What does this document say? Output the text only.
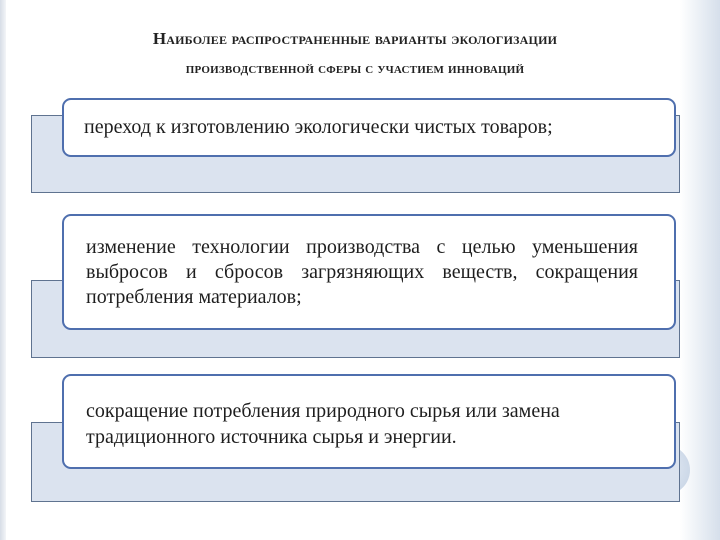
Наиболее распространенные варианты экологизации
производственной сферы с участием инноваций
переход к изготовлению экологически чистых товаров;
изменение технологии производства с целью уменьшения выбросов и сбросов загрязняющих веществ, сокращения потребления материалов;
сокращение потребления природного сырья или замена традиционного источника сырья и энергии.
